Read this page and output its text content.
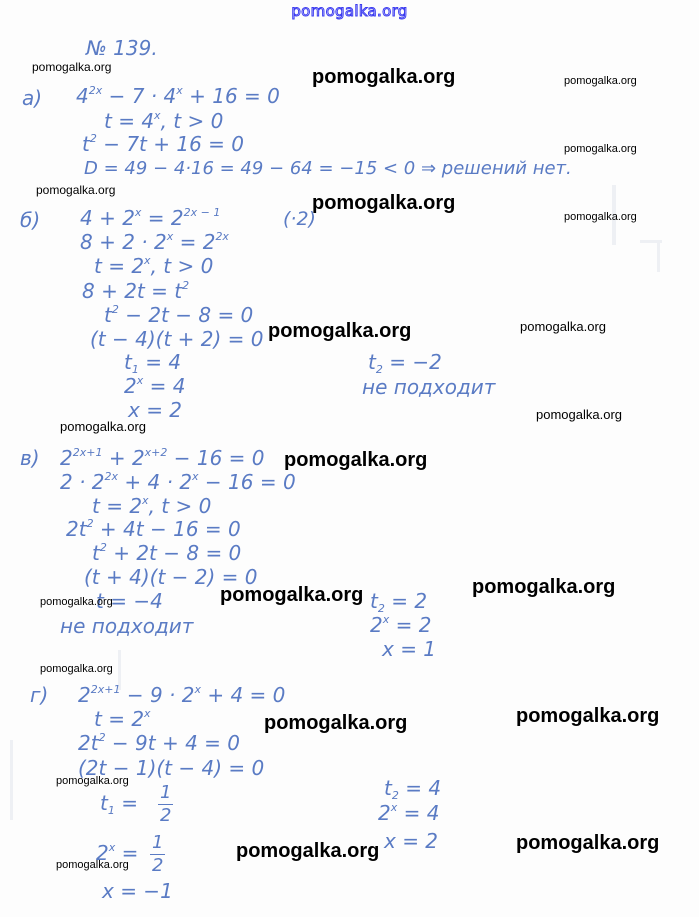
pomogalka.org
№ 139.
а) $4^{2x} - 7 \cdot 4^x + 16 = 0$
$t = 4^x$, t > 0
$t^2 - 7t + 16 = 0$
D = 49 − 4·16 = 49 − 64 = −15 < 0 ⇒ решений нет.
б) $4 + 2^x = 2^{2x - 1}$	(·2)
$8 + 2 \cdot 2^x = 2^{2x}$
$t = 2^x$, t > 0
$8 + 2t = t^2$
$t^2 - 2t - 8 = 0$
(t − 4)(t + 2) = 0
$t_1 = 4$
$2^x = 4$
x = 2
$t_2 = -2$
не подходит
в) $2^{2x+1} + 2^{x+2} - 16 = 0$
$2 \cdot 2^{2x} + 4 \cdot 2^x - 16 = 0$
$t = 2^x$, t > 0
$2t^2 + 4t - 16 = 0$
$t^2 + 2t - 8 = 0$
(t + 4)(t − 2) = 0
t = −4
не подходит
$t_2 = 2$
$2^x = 2$
x = 1
г) $2^{2x+1} - 9 \cdot 2^x + 4 = 0$
$t = 2^x$
$2t^2 - 9t + 4 = 0$
(2t − 1)(t − 4) = 0
$t_1 = 1$
2
$2^x = 1$
2
x = −1
$t_2 = 4$
$2^x = 4$
x = 2
pomogalka.org	pomogalka.org	pomogalka.org
pomogalka.org
pomogalka.org
pomogalka.org
pomogalka.org
pomogalka.org	pomogalka.org
pomogalka.org
pomogalka.org
pomogalka.org
pomogalka.org
pomogalka.org
pomogalka.org
pomogalka.org
pomogalka.org
pomogalka.org
pomogalka.org
pomogalka.org
pomogalka.org
pomogalka.org
